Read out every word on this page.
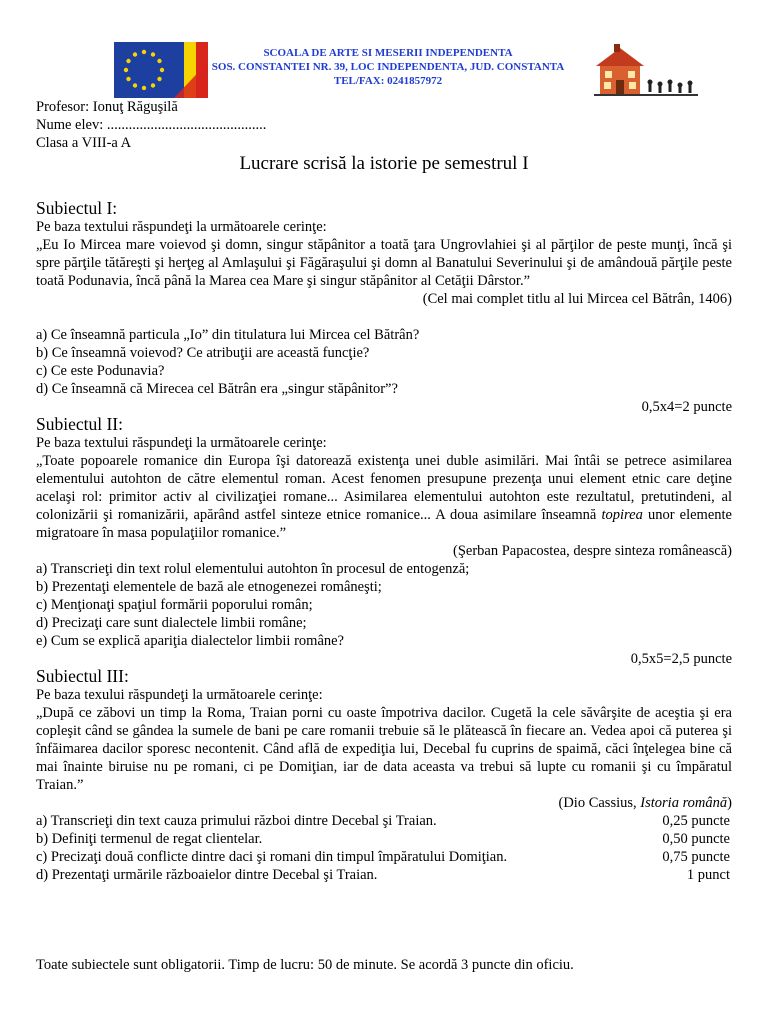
SCOALA DE ARTE SI MESERII INDEPENDENTA
SOS. CONSTANTEI NR. 39, LOC INDEPENDENTA, JUD. CONSTANTA
TEL/FAX: 0241857972
Profesor: Ionuţ Răguşilă
Nume elev: ............................................
Clasa a VIII-a A
Lucrare scrisă la istorie pe semestrul I
Subiectul I:
Pe baza textului răspundeţi la următoarele cerinţe:
„Eu Io Mircea mare voievod şi domn, singur stăpânitor a toată ţara Ungrovlahiei şi al părţilor de peste munţi, încă şi spre părţile tătăreşti şi herţeg al Amlaşului şi Făgăraşului şi domn al Banatului Severinului şi de amândouă părţile peste toată Podunavia, încă până la Marea cea Mare şi singur stăpânitor al Cetăţii Dârstor.”
(Cel mai complet titlu al lui Mircea cel Bătrân, 1406)
a) Ce înseamnă particula „Io” din titulatura lui Mircea cel Bătrân?
b) Ce înseamnă voievod? Ce atribuţii are această funcţie?
c) Ce este Podunavia?
d) Ce înseamnă că Mirecea cel Bătrân era „singur stăpânitor”?
0,5x4=2 puncte
Subiectul II:
Pe baza textului răspundeţi la următoarele cerinţe:
„Toate popoarele romanice din Europa îşi datorează existenţa unei duble asimilări. Mai întâi se petrece asimilarea elementului autohton de către elementul roman. Acest fenomen presupune prezenţa unui element etnic care deţine acelaşi rol: primitor activ al civilizaţiei romane... Asimilarea elementului autohton este rezultatul, pretutindeni, al colonizării şi romanizării, apărând astfel sinteze etnice romanice... A doua asimilare înseamnă topirea unor elemente migratoare în masa populaţiilor romanice.”
(Şerban Papacostea, despre sinteza românească)
a) Transcrieţi din text rolul elementului autohton în procesul de entogenză;
b) Prezentaţi elementele de bază ale etnogenezei româneşti;
c) Menţionaţi spaţiul formării poporului român;
d) Precizaţi care sunt dialectele limbii române;
e) Cum se explică apariţia dialectelor limbii române?
0,5x5=2,5 puncte
Subiectul III:
Pe baza texului răspundeţi la următoarele cerinţe:
„După ce zăbovi un timp la Roma, Traian porni cu oaste împotriva dacilor. Cugetă la cele săvârşite de aceştia şi era copleşit când se gândea la sumele de bani pe care romanii trebuie să le plătească în fiecare an. Vedea apoi că puterea şi înfăimarea dacilor sporesc necontenit. Când află de expediţia lui, Decebal fu cuprins de spaimă, căci înţelegea bine că mai înainte biruise nu pe romani, ci pe Domiţian, iar de data aceasta va trebui să lupte cu romanii şi cu împăratul Traian.”
(Dio Cassius, Istoria română)
a) Transcrieţi din text cauza primului război dintre Decebal şi Traian.	0,25 puncte
b) Definiţi termenul de regat clientelar.	0,50 puncte
c) Precizaţi două conflicte dintre daci şi romani din timpul împăratului Domiţian.	0,75 puncte
d) Prezentaţi urmările războaielor dintre Decebal şi Traian.	1 punct
Toate subiectele sunt obligatorii. Timp de lucru: 50 de minute. Se acordă 3 puncte din oficiu.
